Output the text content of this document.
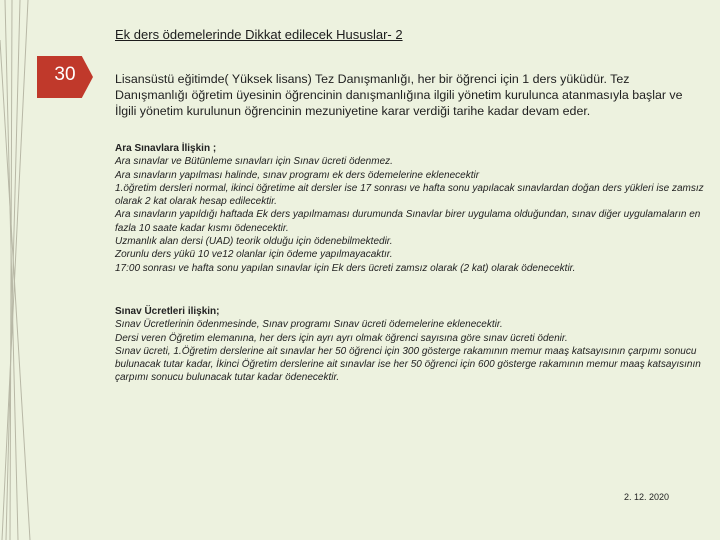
30
Ek ders ödemelerinde Dikkat edilecek Hususlar- 2
Lisansüstü eğitimde( Yüksek lisans) Tez Danışmanlığı, her bir öğrenci için 1 ders yüküdür. Tez Danışmanlığı öğretim üyesinin öğrencinin danışmanlığına ilgili yönetim kurulunca atanmasıyla başlar ve İlgili yönetim kurulunun öğrencinin mezuniyetine karar verdiği tarihe kadar devam eder.
Ara Sınavlara İlişkin ;
Ara sınavlar ve Bütünleme sınavları için Sınav ücreti ödenmez.
Ara sınavların yapılması halinde, sınav programı ek ders ödemelerine eklenecektir
1.öğretim dersleri normal, ikinci öğretime ait dersler ise 17 sonrası ve hafta sonu yapılacak sınavlardan doğan ders yükleri ise zamsız olarak 2 kat olarak hesap edilecektir.
Ara sınavların yapıldığı haftada Ek ders yapılmaması durumunda Sınavlar birer uygulama olduğundan, sınav diğer uygulamaların en fazla 10 saate kadar kısmı ödenecektir.
Uzmanlık alan dersi (UAD) teorik olduğu için ödenebilmektedir.
Zorunlu ders yükü 10 ve12 olanlar için ödeme yapılmayacaktır.
17:00 sonrası ve hafta sonu yapılan sınavlar için Ek ders ücreti zamsız olarak (2 kat) olarak ödenecektir.
Sınav Ücretleri ilişkin;
Sınav Ücretlerinin ödenmesinde, Sınav programı Sınav ücreti ödemelerine eklenecektir.
Dersi veren Öğretim elemanına, her ders için ayrı ayrı olmak öğrenci sayısına göre sınav ücreti ödenir.
Sınav ücreti, 1.Öğretim derslerine ait sınavlar her 50 öğrenci için 300 gösterge rakamının memur maaş katsayısının çarpımı sonucu bulunacak tutar kadar, İkinci Öğretim derslerine ait sınavlar ise her 50 öğrenci için 600 gösterge rakamının memur maaş katsayısının çarpımı sonucu bulunacak tutar kadar ödenecektir.
2. 12. 2020
